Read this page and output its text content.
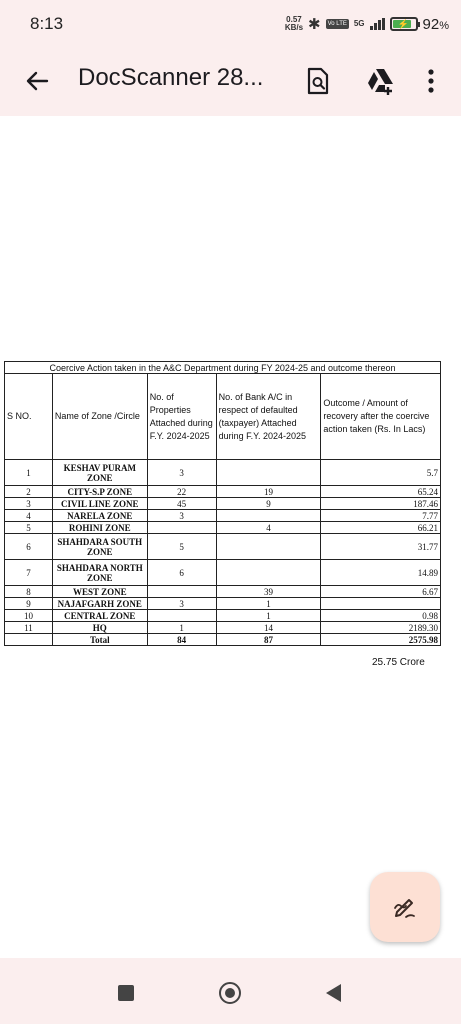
8:13	0.57
KB/s ✱	Vo LTE 5G	⚡ 92%
DocScanner 28...
Coercive Action taken in the A&C Department during FY 2024-25 and outcome thereon				
S NO.	Name of Zone /Circle	No. of Properties Attached during F.Y. 2024-2025	No. of Bank A/C in respect of defaulted (taxpayer) Attached during F.Y. 2024-2025	Outcome / Amount of recovery after the coercive action taken (Rs. In Lacs)
1	KESHAV PURAM ZONE	3		5.7
2	CITY-S.P ZONE	22	19	65.24
3	CIVIL LINE ZONE	45	9	187.46
4	NARELA ZONE	3		7.77
5	ROHINI ZONE		4	66.21
6	SHAHDARA SOUTH ZONE	5		31.77
7	SHAHDARA NORTH ZONE	6		14.89
8	WEST ZONE		39	6.67
9	NAJAFGARH ZONE	3	1	
10	CENTRAL ZONE		1	0.98
11	HQ	1	14	2189.30
	Total	84	87	2575.98
25.75 Crore
